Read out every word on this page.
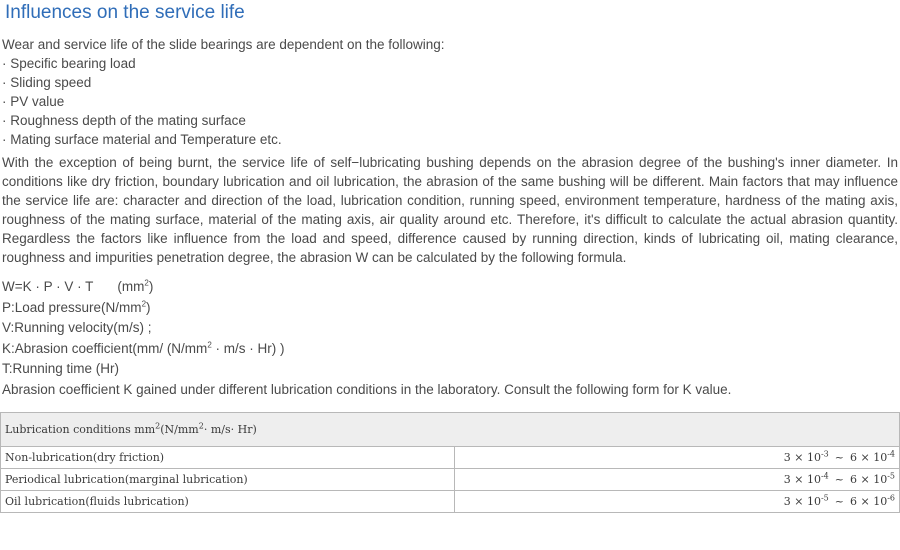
Influences on the service life
Wear and service life of the slide bearings are dependent on the following:
· Specific bearing load
· Sliding speed
· PV value
· Roughness depth of the mating surface
· Mating surface material and Temperature etc.

With the exception of being burnt, the service life of self−lubricating bushing depends on the abrasion degree of the bushing's inner diameter. In conditions like dry friction, boundary lubrication and oil lubrication, the abrasion of the same bushing will be different. Main factors that may influence the service life are: character and direction of the load, lubrication condition, running speed, environment temperature, hardness of the mating axis, roughness of the mating surface, material of the mating axis, air quality around etc. Therefore, it's difficult to calculate the actual abrasion quantity. Regardless the factors like influence from the load and speed, difference caused by running direction, kinds of lubricating oil, mating clearance, roughness and impurities penetration degree, the abrasion W can be calculated by the following formula.

W=K · P · V · T $(mm^2)$
P:Load $pressure(N/mm^2)$
V:Running velocity(m/s) ;
K:Abrasion coefficient(mm/ $(N/mm^2 \cdot m/s \cdot Hr)$ )
T:Running time (Hr)
Abrasion coefficient K gained under different lubrication conditions in the laboratory. Consult the following form for K value.
Lubrication conditions $mm^2(N/mm^2\cdot m/s\cdot Hr)$	
Non-lubrication(dry friction)	$3 \times 10^{-3}$ ~ $6 \times 10^{-4}$
Periodical lubrication(marginal lubrication)	$3 \times 10^{-4}$ ~ $6 \times 10^{-5}$
Oil lubrication(fluids lubrication)	$3 \times 10^{-5}$ ~ $6 \times 10^{-6}$
